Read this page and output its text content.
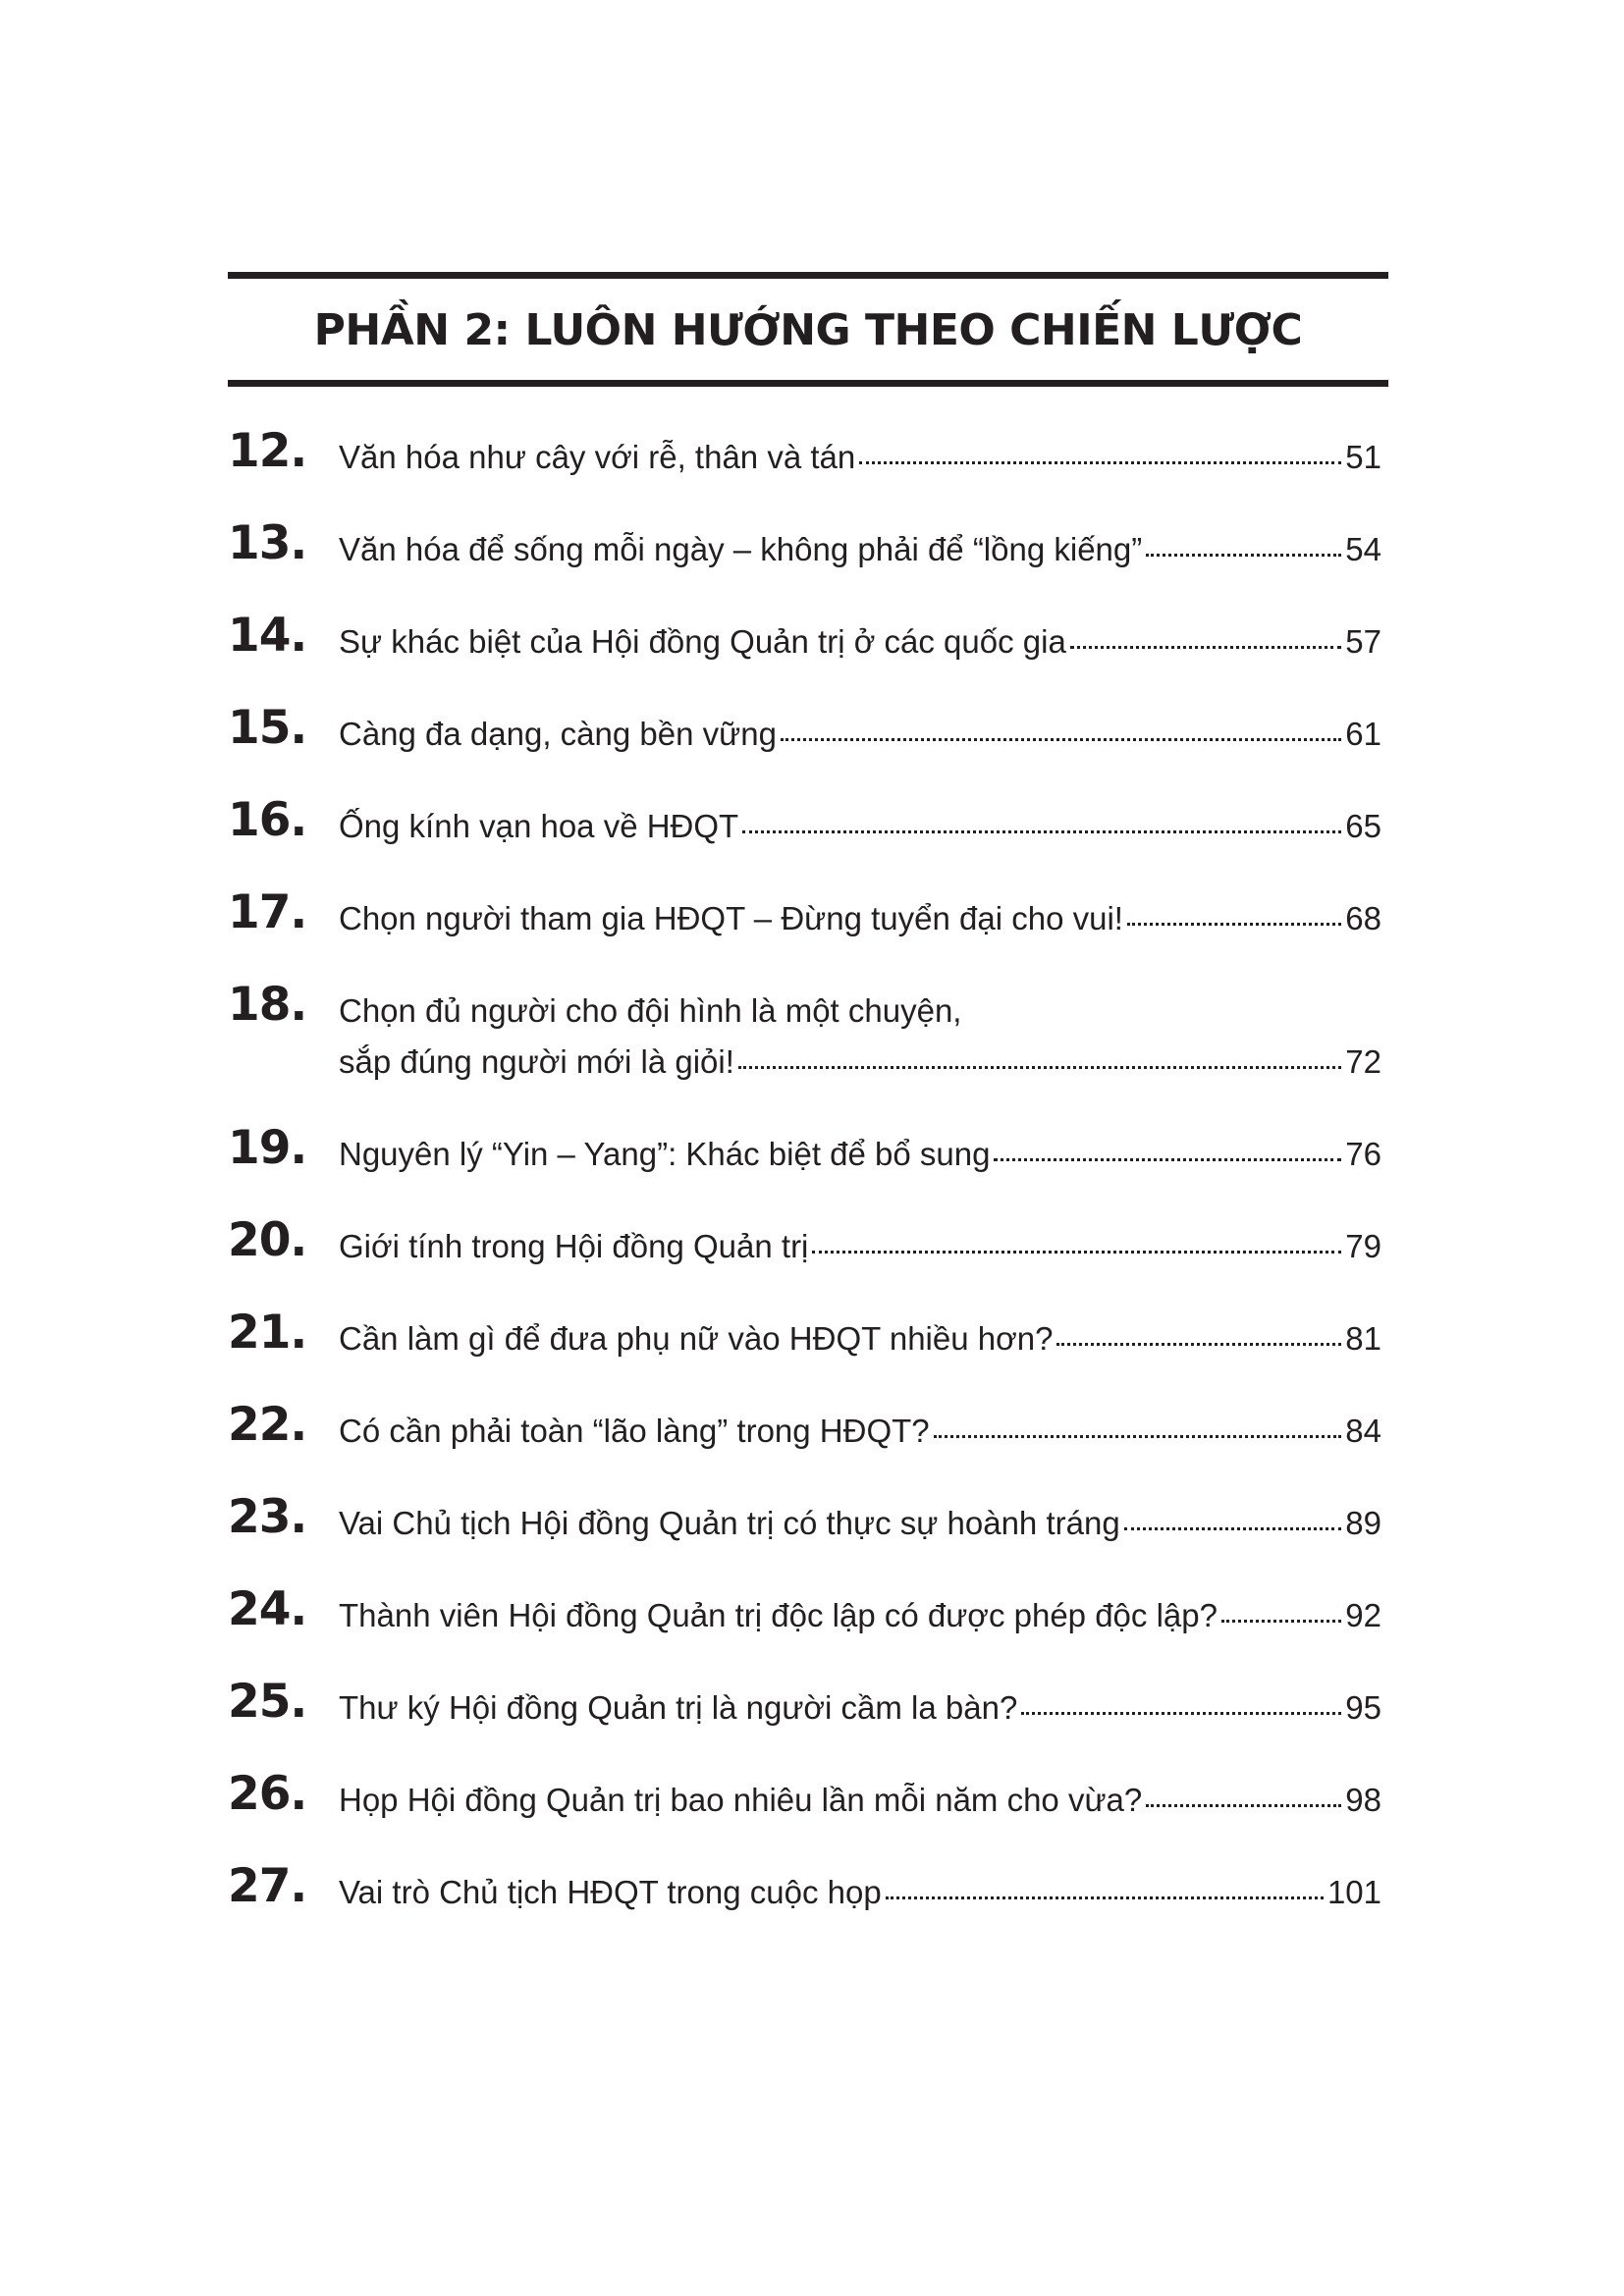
PHẦN 2: LUÔN HƯỚNG THEO CHIẾN LƯỢC
12. Văn hóa như cây với rễ, thân và tán	51
13. Văn hóa để sống mỗi ngày – không phải để “lồng kiếng”	54
14. Sự khác biệt của Hội đồng Quản trị ở các quốc gia	57
15. Càng đa dạng, càng bền vững	61
16. Ống kính vạn hoa về HĐQT	65
17. Chọn người tham gia HĐQT – Đừng tuyển đại cho vui!	68
18. Chọn đủ người cho đội hình là một chuyện,
sắp đúng người mới là giỏi!	72
19. Nguyên lý “Yin – Yang”: Khác biệt để bổ sung	76
20. Giới tính trong Hội đồng Quản trị	79
21. Cần làm gì để đưa phụ nữ vào HĐQT nhiều hơn?	81
22. Có cần phải toàn “lão làng” trong HĐQT?	84
23. Vai Chủ tịch Hội đồng Quản trị có thực sự hoành tráng	89
24. Thành viên Hội đồng Quản trị độc lập có được phép độc lập?	92
25. Thư ký Hội đồng Quản trị là người cầm la bàn?	95
26. Họp Hội đồng Quản trị bao nhiêu lần mỗi năm cho vừa?	98
27. Vai trò Chủ tịch HĐQT trong cuộc họp	101
